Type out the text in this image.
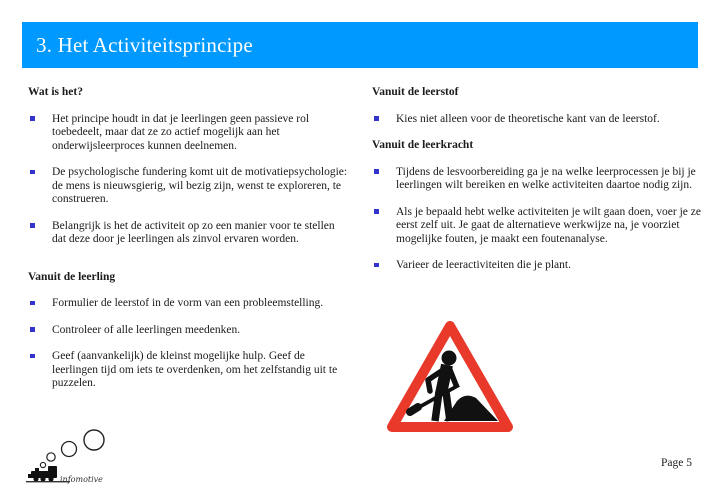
3. Het Activiteitsprincipe
Wat is het?

Het principe houdt in dat je leerlingen geen passieve rol toebedeelt, maar dat ze zo actief mogelijk aan het onderwijsleerproces kunnen deelnemen.

De psychologische fundering komt uit de motivatiepsychologie: de mens is nieuwsgierig, wil bezig zijn, wenst te exploreren, te construeren.

Belangrijk is het de activiteit op zo een manier voor te stellen dat deze door je leerlingen als zinvol ervaren worden.

Vanuit de leerling

Formulier de leerstof in de vorm van een probleemstelling.

Controleer of alle leerlingen meedenken.

Geef (aanvankelijk) de kleinst mogelijke hulp. Geef de leerlingen tijd om iets te overdenken, om het zelfstandig uit te puzzelen.

Vanuit de leerstof

Kies niet alleen voor de theoretische kant van de leerstof.

Vanuit de leerkracht

Tijdens de lesvoorbereiding ga je na welke leerprocessen je bij je leerlingen wilt bereiken en welke activiteiten daartoe nodig zijn.

Als je bepaald hebt welke activiteiten je wilt gaan doen, voer je ze eerst zelf uit. Je gaat de alternatieve werkwijze na, je voorziet mogelijke fouten, je maakt een foutenanalyse.

Varieer de leeractiviteiten die je plant.

infomotive
Page 5
